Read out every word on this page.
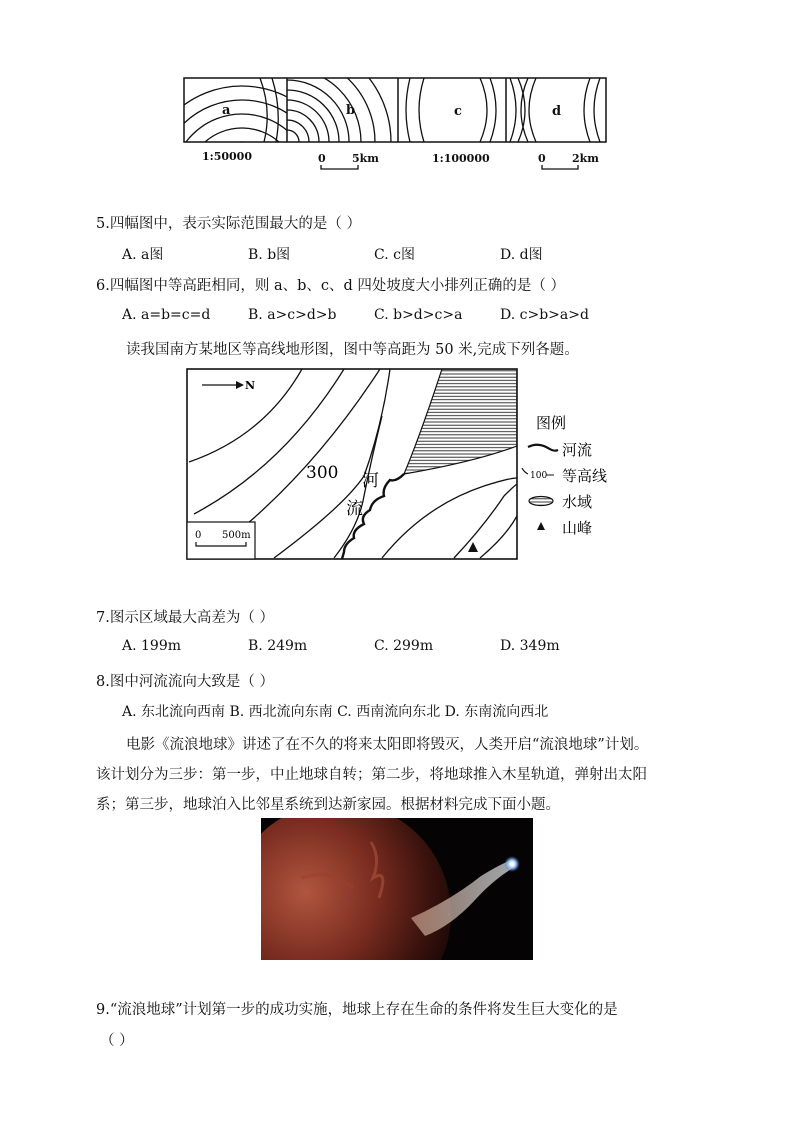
a	b	c	d
1:50000	0 5km	1:100000	0 2km
5.四幅图中，表示实际范围最大的是（ ）
A. a图	B. b图	C. c图	D. d图
6.四幅图中等高距相同，则 a、b、c、d 四处坡度大小排列正确的是（ ）
A. a=b=c=d	B. a>c>d>b	C. b>d>c>a	D. c>b>a>d
读我国南方某地区等高线地形图，图中等高距为 50 米,完成下列各题。
N
300 河
流
0 500m
图例
河流
100 等高线
水域
山峰
7.图示区域最大高差为（ ）
A. 199m	B. 249m	C. 299m	D. 349m
8.图中河流流向大致是（ ）
A. 东北流向西南 B. 西北流向东南 C. 西南流向东北 D. 东南流向西北
电影《流浪地球》讲述了在不久的将来太阳即将毁灭，人类开启“流浪地球”计划。
该计划分为三步：第一步，中止地球自转；第二步，将地球推入木星轨道，弹射出太阳
系；第三步，地球泊入比邻星系统到达新家园。根据材料完成下面小题。
9.“流浪地球”计划第一步的成功实施，地球上存在生命的条件将发生巨大变化的是
（ ）
